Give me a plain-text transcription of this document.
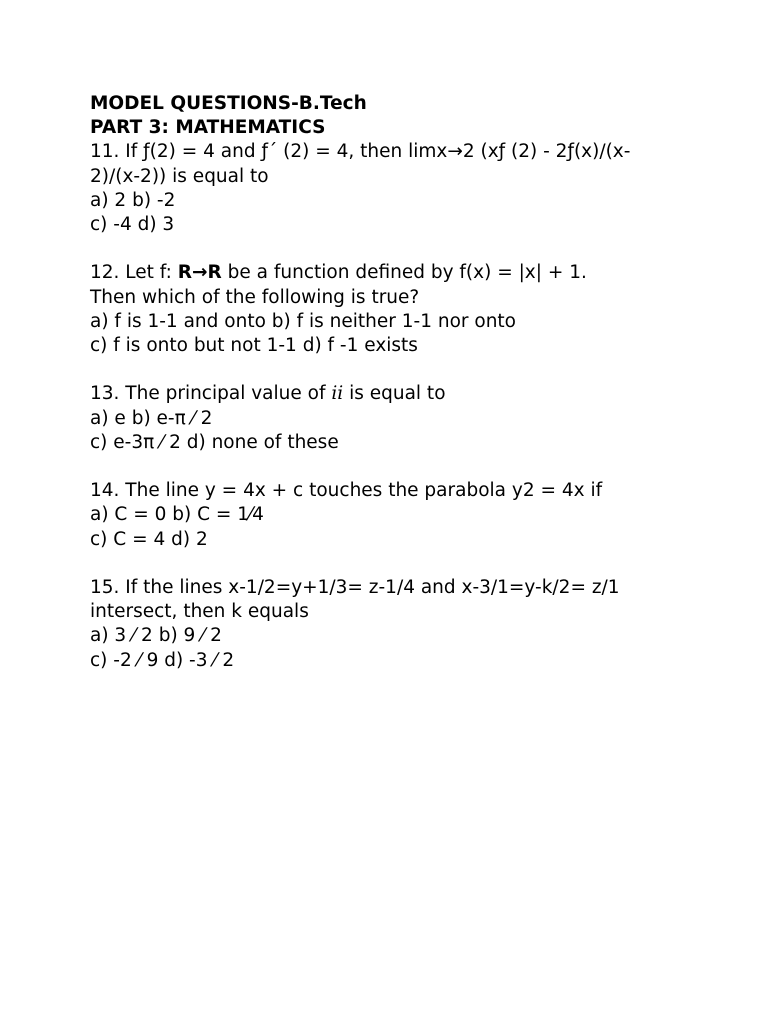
MODEL QUESTIONS-B.Tech
PART 3: MATHEMATICS
11. If ƒ(2) = 4 and ƒ´ (2) = 4, then limx→2 (xƒ (2) - 2ƒ(x)/(x-
2)/(x-2)) is equal to
a) 2 b) -2
c) -4 d) 3
12. Let f: R→R be a function defined by f(x) = |x| + 1.
Then which of the following is true?
a) f is 1-1 and onto b) f is neither 1-1 nor onto
c) f is onto but not 1-1 d) f -1 exists
13. The principal value of ii is equal to
a) e b) e-π ⁄ 2
c) e-3π ⁄ 2 d) none of these
14. The line y = 4x + c touches the parabola y2 = 4x if
a) C = 0 b) C = 1⁄4
c) C = 4 d) 2
15. If the lines x-1/2=y+1/3= z-1/4 and x-3/1=y-k/2= z/1
intersect, then k equals
a) 3 ⁄ 2 b) 9 ⁄ 2
c) -2 ⁄ 9 d) -3 ⁄ 2
